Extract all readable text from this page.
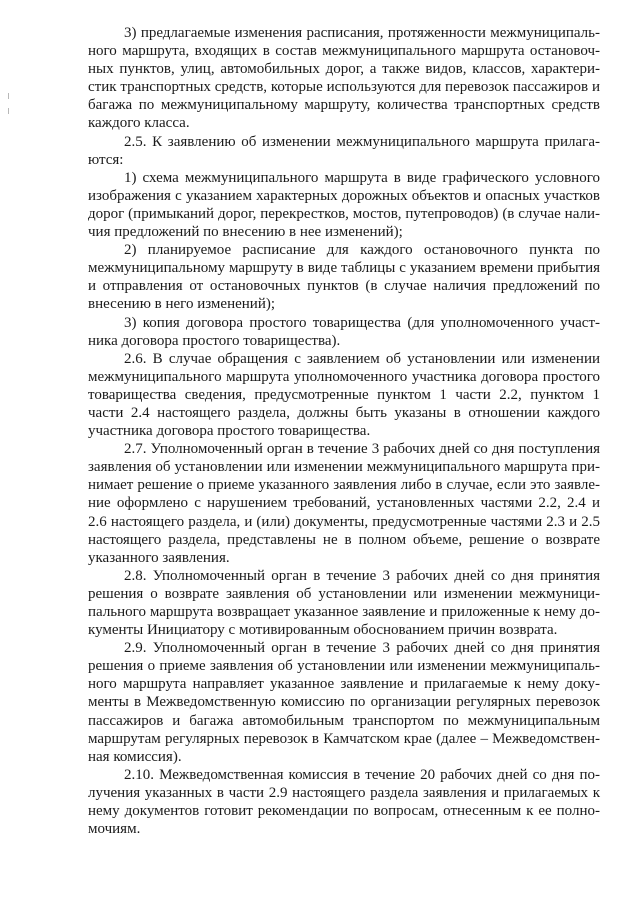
3) предлагаемые изменения расписания, протяженности межмуниципального маршрута, входящих в состав межмуниципального маршрута остановочных пунктов, улиц, автомобильных дорог, а также видов, классов, характеристик транспортных средств, которые используются для перевозок пассажиров и багажа по межмуниципальному маршруту, количества транспортных средств каждого класса.

2.5. К заявлению об изменении межмуниципального маршрута прилагаются:

1) схема межмуниципального маршрута в виде графического условного изображения с указанием характерных дорожных объектов и опасных участков дорог (примыканий дорог, перекрестков, мостов, путепроводов) (в случае наличия предложений по внесению в нее изменений);

2) планируемое расписание для каждого остановочного пункта по межмуниципальному маршруту в виде таблицы с указанием времени прибытия и отправления от остановочных пунктов (в случае наличия предложений по внесению в него изменений);

3) копия договора простого товарищества (для уполномоченного участника договора простого товарищества).

2.6. В случае обращения с заявлением об установлении или изменении межмуниципального маршрута уполномоченного участника договора простого товарищества сведения, предусмотренные пунктом 1 части 2.2, пунктом 1 части 2.4 настоящего раздела, должны быть указаны в отношении каждого участника договора простого товарищества.

2.7. Уполномоченный орган в течение 3 рабочих дней со дня поступления заявления об установлении или изменении межмуниципального маршрута принимает решение о приеме указанного заявления либо в случае, если это заявление оформлено с нарушением требований, установленных частями 2.2, 2.4 и 2.6 настоящего раздела, и (или) документы, предусмотренные частями 2.3 и 2.5 настоящего раздела, представлены не в полном объеме, решение о возврате указанного заявления.

2.8. Уполномоченный орган в течение 3 рабочих дней со дня принятия решения о возврате заявления об установлении или изменении межмуниципального маршрута возвращает указанное заявление и приложенные к нему документы Инициатору с мотивированным обоснованием причин возврата.

2.9. Уполномоченный орган в течение 3 рабочих дней со дня принятия решения о приеме заявления об установлении или изменении межмуниципального маршрута направляет указанное заявление и прилагаемые к нему документы в Межведомственную комиссию по организации регулярных перевозок пассажиров и багажа автомобильным транспортом по межмуниципальным маршрутам регулярных перевозок в Камчатском крае (далее – Межведомственная комиссия).

2.10. Межведомственная комиссия в течение 20 рабочих дней со дня получения указанных в части 2.9 настоящего раздела заявления и прилагаемых к нему документов готовит рекомендации по вопросам, отнесенным к ее полномочиям.
